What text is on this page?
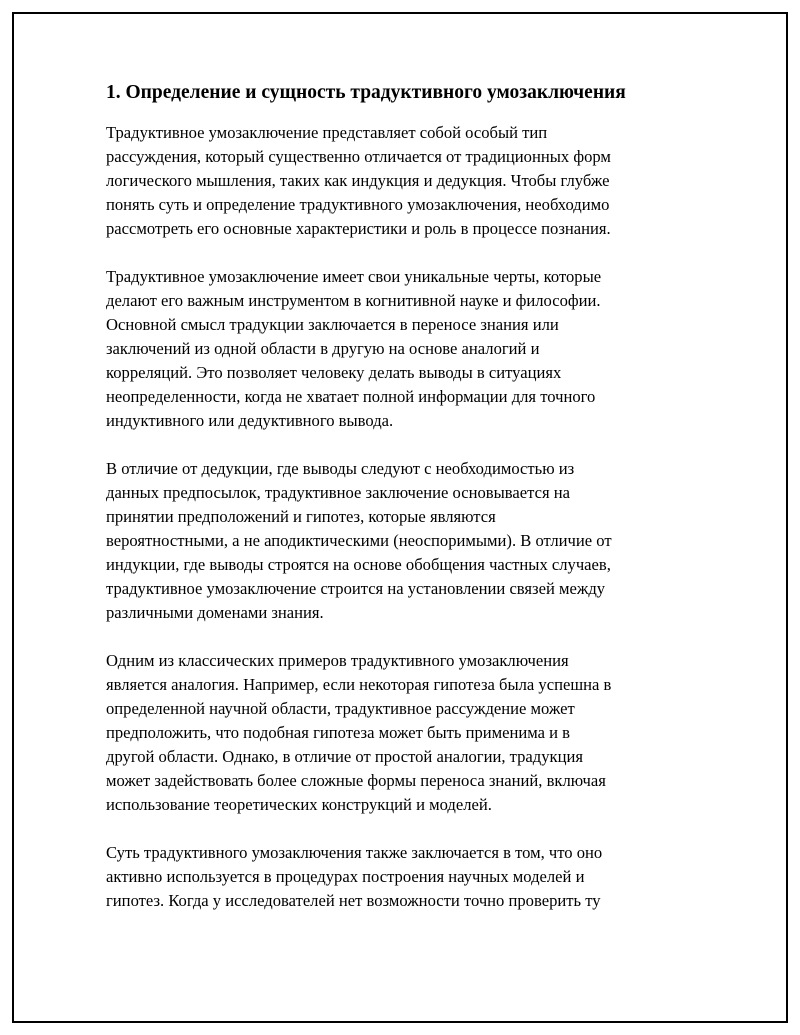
1. Определение и сущность традуктивного умозаключения
Традуктивное умозаключение представляет собой особый тип
рассуждения, который существенно отличается от традиционных форм
логического мышления, таких как индукция и дедукция. Чтобы глубже
понять суть и определение традуктивного умозаключения, необходимо
рассмотреть его основные характеристики и роль в процессе познания.
Традуктивное умозаключение имеет свои уникальные черты, которые
делают его важным инструментом в когнитивной науке и философии.
Основной смысл традукции заключается в переносе знания или
заключений из одной области в другую на основе аналогий и
корреляций. Это позволяет человеку делать выводы в ситуациях
неопределенности, когда не хватает полной информации для точного
индуктивного или дедуктивного вывода.
В отличие от дедукции, где выводы следуют с необходимостью из
данных предпосылок, традуктивное заключение основывается на
принятии предположений и гипотез, которые являются
вероятностными, а не аподиктическими (неоспоримыми). В отличие от
индукции, где выводы строятся на основе обобщения частных случаев,
традуктивное умозаключение строится на установлении связей между
различными доменами знания.
Одним из классических примеров традуктивного умозаключения
является аналогия. Например, если некоторая гипотеза была успешна в
определенной научной области, традуктивное рассуждение может
предположить, что подобная гипотеза может быть применима и в
другой области. Однако, в отличие от простой аналогии, традукция
может задействовать более сложные формы переноса знаний, включая
использование теоретических конструкций и моделей.
Суть традуктивного умозаключения также заключается в том, что оно
активно используется в процедурах построения научных моделей и
гипотез. Когда у исследователей нет возможности точно проверить ту
